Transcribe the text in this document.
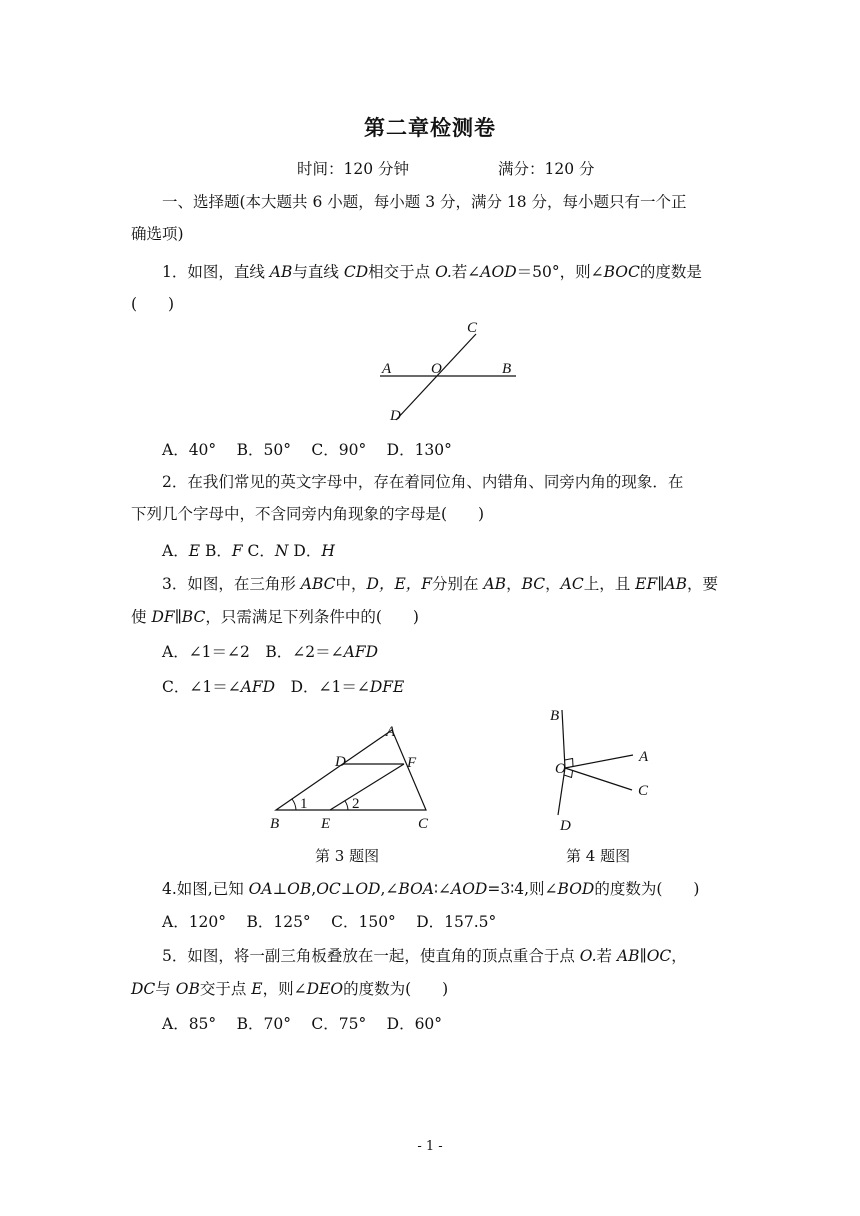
第二章检测卷
时间：120 分钟	满分：120 分
一、选择题(本大题共 6 小题，每小题 3 分，满分 18 分，每小题只有一个正
确选项)
1．如图，直线 AB与直线 CD相交于点 O.若∠AOD＝50°，则∠BOC的度数是
(　　)
C
A	O	B
D
A．40°　 B．50°　 C．90°　 D．130°
2．在我们常见的英文字母中，存在着同位角、内错角、同旁内角的现象．在
下列几个字母中，不含同旁内角现象的字母是(　　)
A．E B．F C．N D．H
3．如图，在三角形 ABC中，D，E，F分别在 AB，BC，AC上，且 EF∥AB，要
使 DF∥BC，只需满足下列条件中的(　　)
A．∠1＝∠2　 B．∠2＝∠AFD
C．∠1＝∠AFD　 D．∠1＝∠DFE
A
D	F
1	2
B	E	C
第 3 题图
B
A
O
C
D
第 4 题图
4.如图,已知 OA⊥OB,OC⊥OD,∠BOA∶∠AOD=3∶4,则∠BOD的度数为(　　)
A．120°　 B．125°　 C．150°　 D．157.5°
5．如图，将一副三角板叠放在一起，使直角的顶点重合于点 O.若 AB∥OC，
DC与 OB交于点 E，则∠DEO的度数为(　　)
A．85°　 B．70°　 C．75°　 D．60°
- 1 -
